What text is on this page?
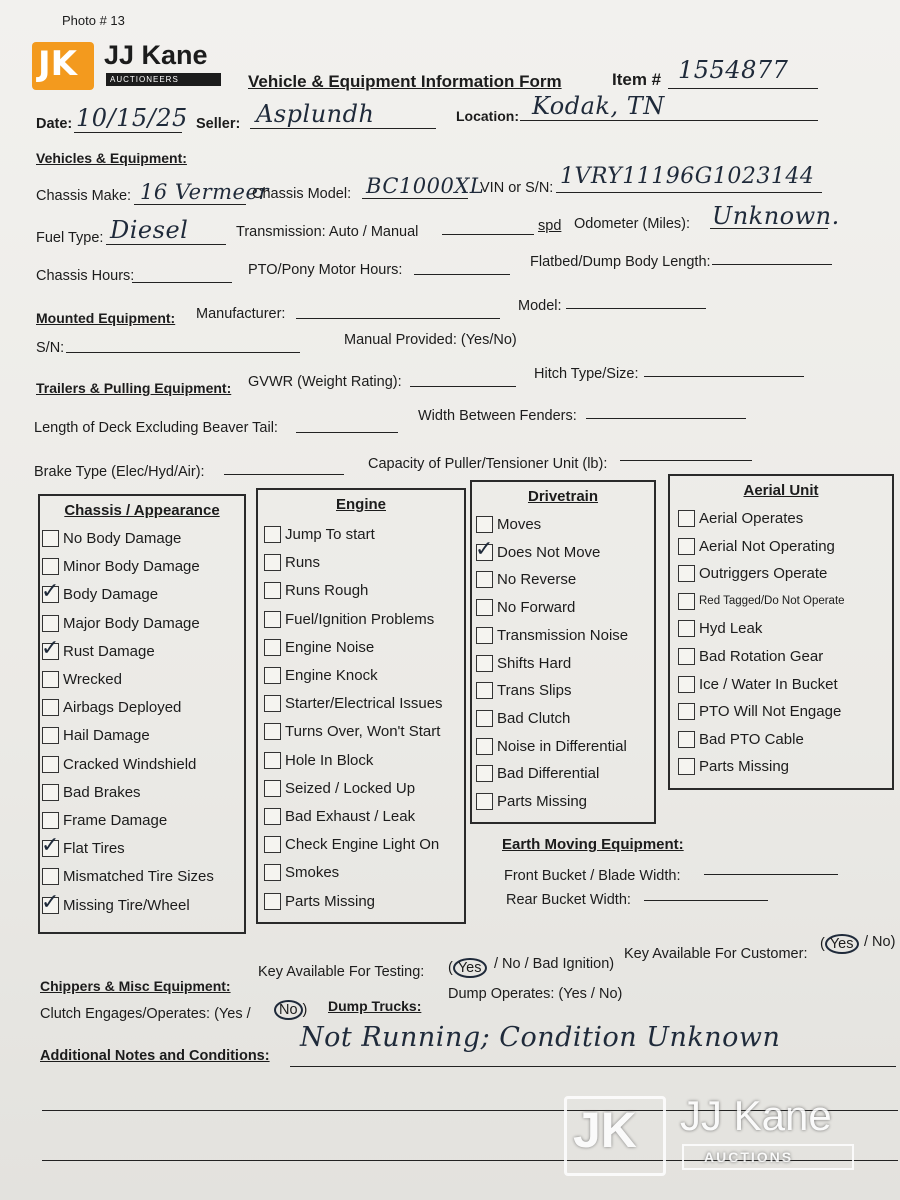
Photo # 13
JK JJ Kane
AUCTIONEERS	Vehicle & Equipment Information Form	Item # 1554877
Date: 10/15/25 Seller: Asplundh	Location: Kodak, TN
Vehicles & Equipment:
Chassis Make: 16 Vermeer
Chassis Model: BC1000XL
VIN or S/N: 1VRY11196G1023144
Fuel Type: Diesel	Transmission: Auto / Manual	spd Odometer (Miles): Unknown.
Chassis Hours:	PTO/Pony Motor Hours:	Flatbed/Dump Body Length:
Mounted Equipment: Manufacturer:	Model:
S/N:	Manual Provided: (Yes/No)
Trailers & Pulling Equipment: GVWR (Weight Rating):	Hitch Type/Size:
Length of Deck Excluding Beaver Tail:
Width Between Fenders:
Brake Type (Elec/Hyd/Air):	Capacity of Puller/Tensioner Unit (lb):
Chassis / Appearance
No Body Damage
Minor Body Damage
✓
Body Damage
Major Body Damage
✓
Rust Damage
Wrecked
Airbags Deployed
Hail Damage
Cracked Windshield
Bad Brakes
Frame Damage
✓
Flat Tires
Mismatched Tire Sizes
✓
Missing Tire/Wheel
Engine
Jump To start
Runs
Runs Rough
Fuel/Ignition Problems
Engine Noise
Engine Knock
Starter/Electrical Issues
Turns Over, Won't Start
Hole In Block
Seized / Locked Up
Bad Exhaust / Leak
Check Engine Light On
Smokes
Parts Missing
Drivetrain
Moves
✓
Does Not Move
No Reverse
No Forward
Transmission Noise
Shifts Hard
Trans Slips
Bad Clutch
Noise in Differential
Bad Differential
Parts Missing
Aerial Unit
Aerial Operates
Aerial Not Operating
Outriggers Operate
Red Tagged/Do Not Operate
Hyd Leak
Bad Rotation Gear
Ice / Water In Bucket
PTO Will Not Engage
Bad PTO Cable
Parts Missing
Earth Moving Equipment:
Front Bucket / Blade Width:
Rear Bucket Width:
Chippers & Misc Equipment:
Key Available For Testing: ( Yes / No / Bad Ignition)
Key Available For Customer:
( Yes / No)
Clutch Engages/Operates: (Yes /	No ) Dump Trucks:
Dump Operates: (Yes / No)
Additional Notes and Conditions:
Not Running; Condition Unknown
JK JJ Kane
AUCTIONS
